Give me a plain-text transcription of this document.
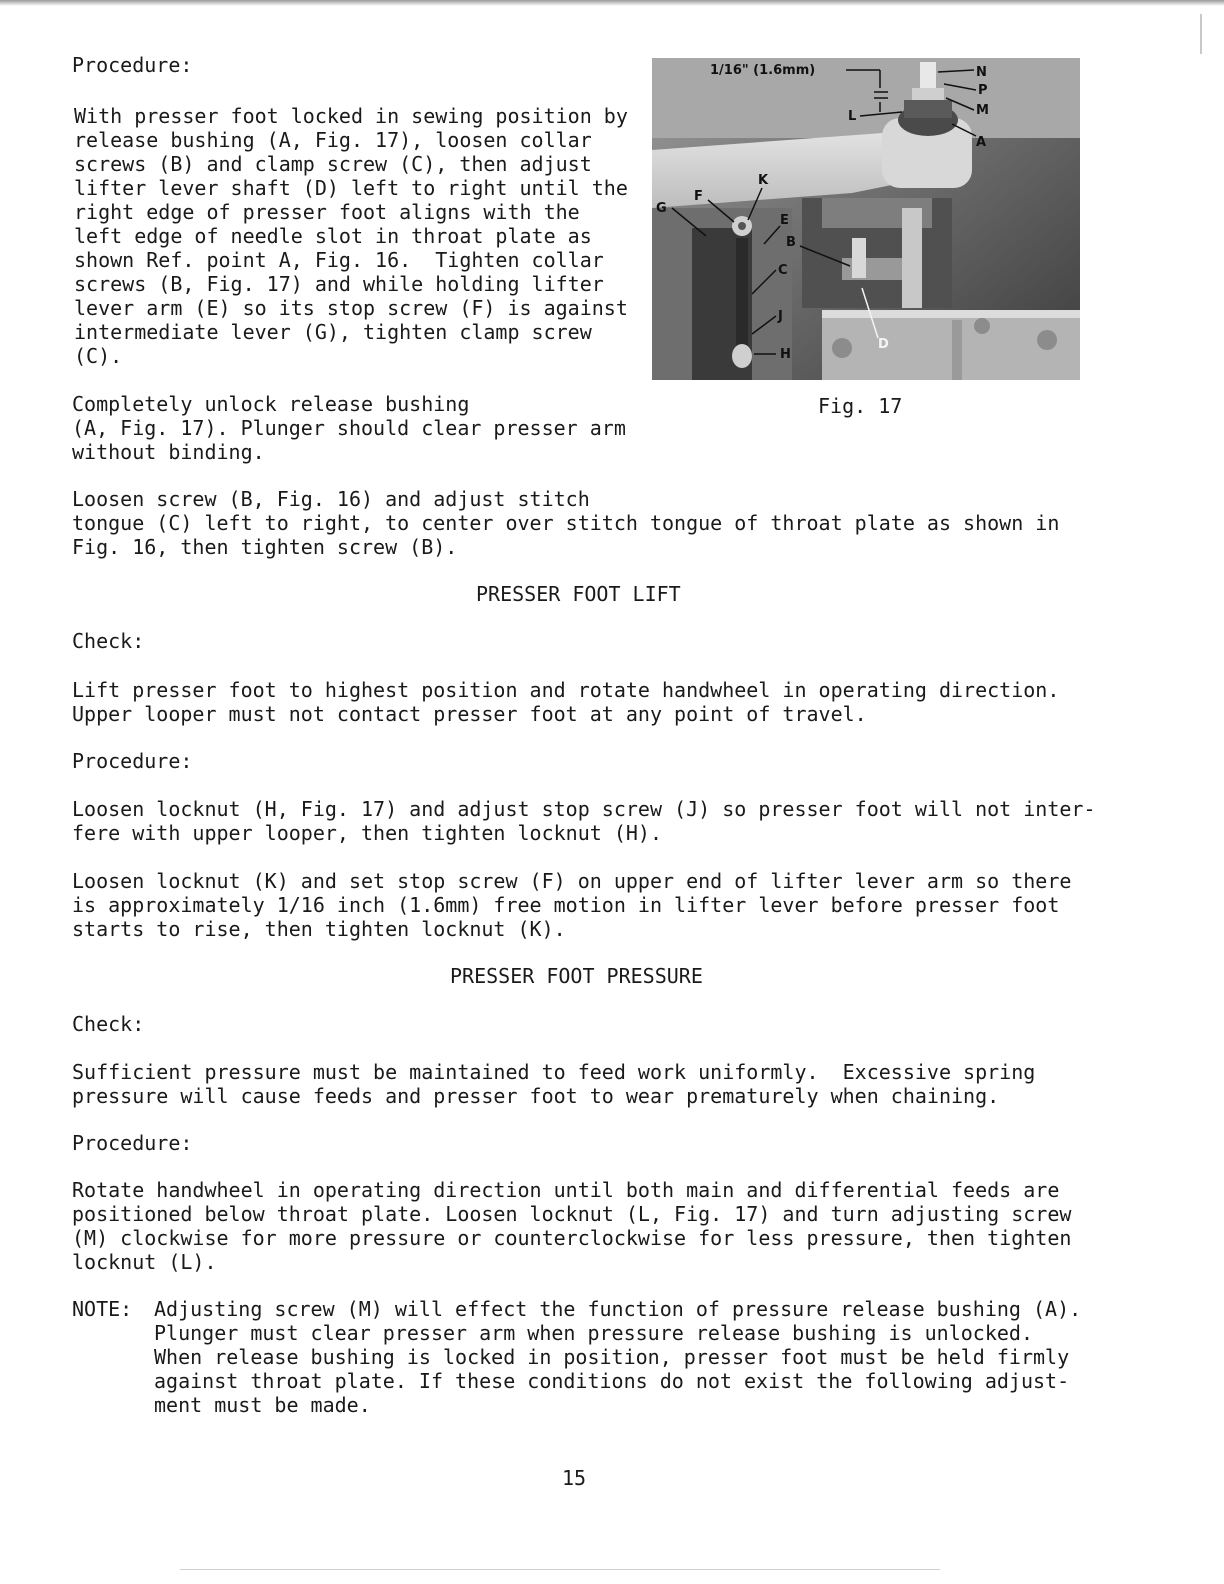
Procedure:
With presser foot locked in sewing position by
release bushing (A, Fig. 17), loosen collar
screws (B) and clamp screw (C), then adjust
lifter lever shaft (D) left to right until the
right edge of presser foot aligns with the
left edge of needle slot in throat plate as
shown Ref. point A, Fig. 16.  Tighten collar
screws (B, Fig. 17) and while holding lifter
lever arm (E) so its stop screw (F) is against
intermediate lever (G), tighten clamp screw
(C).
Completely unlock release bushing
(A, Fig. 17). Plunger should clear presser arm
without binding.
Loosen screw (B, Fig. 16) and adjust stitch
tongue (C) left to right, to center over stitch tongue of throat plate as shown in
Fig. 16, then tighten screw (B).
1/16" (1.6mm)	N
P
M
A
L
K
F
G
E
B
C
J
H
D
Fig. 17
PRESSER FOOT LIFT
Check:
Lift presser foot to highest position and rotate handwheel in operating direction.
Upper looper must not contact presser foot at any point of travel.
Procedure:
Loosen locknut (H, Fig. 17) and adjust stop screw (J) so presser foot will not inter-
fere with upper looper, then tighten locknut (H).
Loosen locknut (K) and set stop screw (F) on upper end of lifter lever arm so there
is approximately 1/16 inch (1.6mm) free motion in lifter lever before presser foot
starts to rise, then tighten locknut (K).
PRESSER FOOT PRESSURE
Check:
Sufficient pressure must be maintained to feed work uniformly.  Excessive spring
pressure will cause feeds and presser foot to wear prematurely when chaining.
Procedure:
Rotate handwheel in operating direction until both main and differential feeds are
positioned below throat plate. Loosen locknut (L, Fig. 17) and turn adjusting screw
(M) clockwise for more pressure or counterclockwise for less pressure, then tighten
locknut (L).
NOTE: Adjusting screw (M) will effect the function of pressure release bushing (A).
Plunger must clear presser arm when pressure release bushing is unlocked.
When release bushing is locked in position, presser foot must be held firmly
against throat plate. If these conditions do not exist the following adjust-
ment must be made.
15
